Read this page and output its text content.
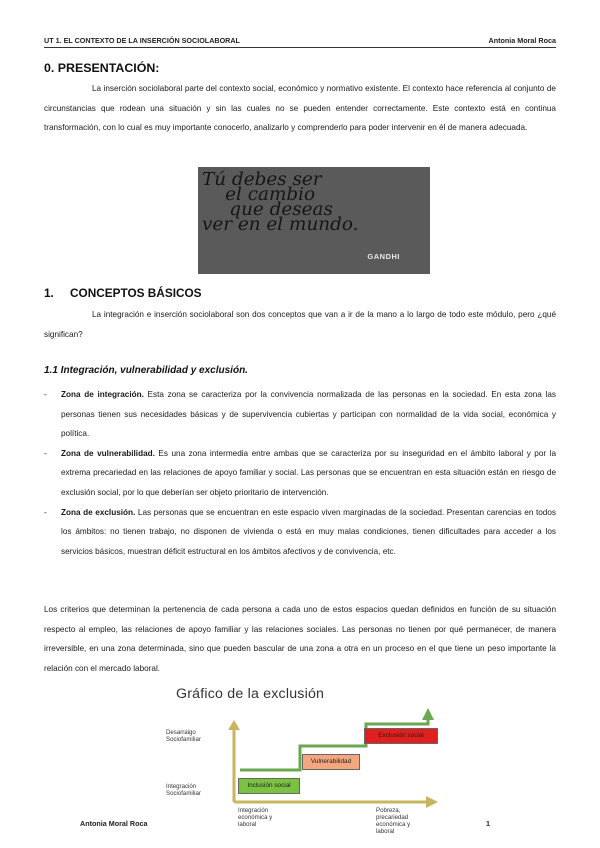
UT 1. EL CONTEXTO DE LA INSERCIÓN SOCIOLABORAL	Antonia Moral Roca
0. PRESENTACIÓN:

La inserción sociolaboral parte del contexto social, económico y normativo existente. El contexto hace referencia al conjunto de circunstancias que rodean una situación y sin las cuales no se pueden entender correctamente. Este contexto está en continua transformación, con lo cual es muy importante conocerlo, analizarlo y comprenderlo para poder intervenir en él de manera adecuada.

Tú debes ser
el cambio
que deseas
ver en el mundo.
GANDHI
1. CONCEPTOS BÁSICOS

La integración e inserción sociolaboral son dos conceptos que van a ir de la mano a lo largo de todo este módulo, pero ¿qué significan?

1.1 Integración, vulnerabilidad y exclusión.
- Zona de integración. Esta zona se caracteriza por la convivencia normalizada de las personas en la sociedad. En esta zona las personas tienen sus necesidades básicas y de supervivencia cubiertas y participan con normalidad de la vida social, económica y política.
- Zona de vulnerabilidad. Es una zona intermedia entre ambas que se caracteriza por su inseguridad en el ámbito laboral y por la extrema precariedad en las relaciones de apoyo familiar y social. Las personas que se encuentran en esta situación están en riesgo de exclusión social, por lo que deberían ser objeto prioritario de intervención.
- Zona de exclusión. Las personas que se encuentran en este espacio viven marginadas de la sociedad. Presentan carencias en todos los ámbitos: no tienen trabajo, no disponen de vivienda o está en muy malas condiciones, tienen dificultades para acceder a los servicios básicos, muestran déficit estructural en los ámbitos afectivos y de convivencia, etc.

Los criterios que determinan la pertenencia de cada persona a cada uno de estos espacios quedan definidos en función de su situación respecto al empleo, las relaciones de apoyo familiar y las relaciones sociales. Las personas no tienen por qué permanecer, de manera irreversible, en una zona determinada, sino que pueden bascular de una zona a otra en un proceso en el que tiene un peso importante la relación con el mercado laboral.

Gráfico de la exclusión
Desarraigo
Sociofamiliar
Integración
Sociofamiliar
Integración
económica y
laboral
Pobreza,
precariedad
económica y
laboral
Inclusión social
Vulnerabilidad
Exclusión social
Antonia Moral Roca	1
